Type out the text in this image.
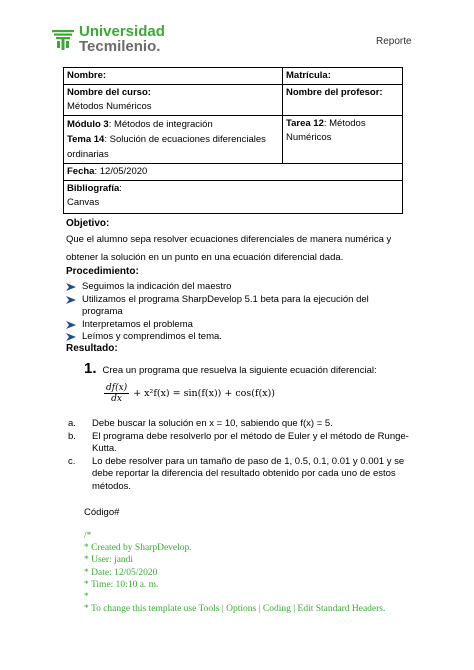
Universidad
Tecmilenio.	Reporte
Nombre:	Matrícula:
Nombre del curso:
Métodos Numéricos	Nombre del profesor:
Módulo 3: Métodos de integración
Tema 14: Solución de ecuaciones diferenciales ordinarias	Tarea 12: Métodos Numéricos
Fecha: 12/05/2020	
Bibliografía:
Canvas	
Objetivo:
Que el alumno sepa resolver ecuaciones diferenciales de manera numérica y obtener la solución en un punto en una ecuación diferencial dada.
Procedimiento:
Seguimos la indicación del maestro
Utilizamos el programa SharpDevelop 5.1 beta para la ejecución del programa
Interpretamos el problema
Leímos y comprendimos el tema.
Resultado:
1. Crea un programa que resuelva la siguiente ecuación diferencial:
$\frac{df(x)}{dx} + x^2f(x) = \sin(f(x)) + \cos(f(x))$
a.	Debe buscar la solución en x = 10, sabiendo que f(x) = 5.
b.	El programa debe resolverlo por el método de Euler y el método de Runge-Kutta.
c.	Lo debe resolver para un tamaño de paso de 1, 0.5, 0.1, 0.01 y 0.001 y se debe reportar la diferencia del resultado obtenido por cada uno de estos métodos.
Código#
/*
* Created by SharpDevelop.
* User: jandi
* Date: 12/05/2020
* Time: 10:10 a. m.
*
* To change this template use Tools | Options | Coding | Edit Standard Headers.
